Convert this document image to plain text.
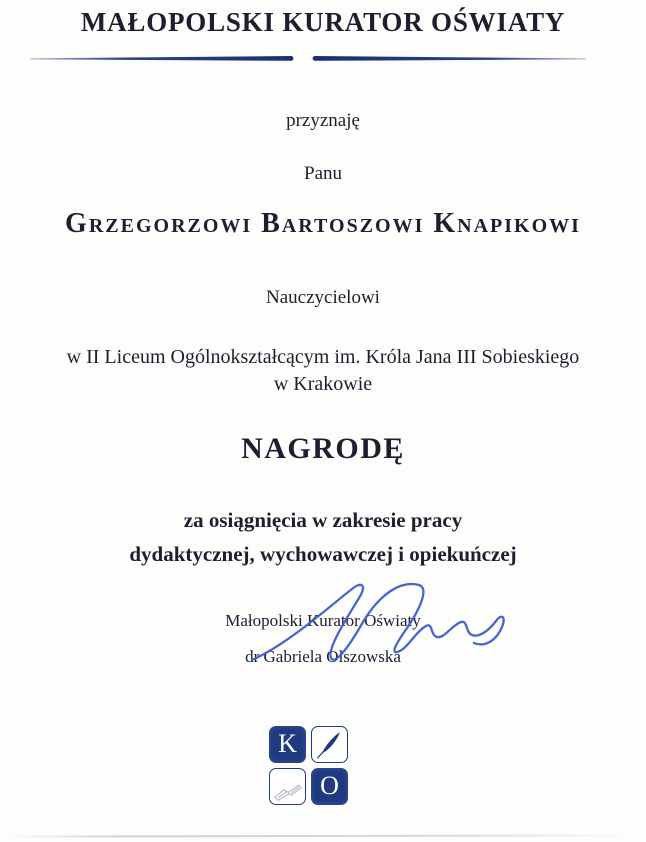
MAŁOPOLSKI KURATOR OŚWIATY
przyznaję
Panu
Grzegorzowi Bartoszowi Knapikowi
Nauczycielowi
w II Liceum Ogólnokształcącym im. Króla Jana III Sobieskiego
w Krakowie
NAGRODĘ
za osiągnięcia w zakresie pracy
dydaktycznej, wychowawczej i opiekuńczej
Małopolski Kurator Oświaty
dr Gabriela Olszowska
K
O
